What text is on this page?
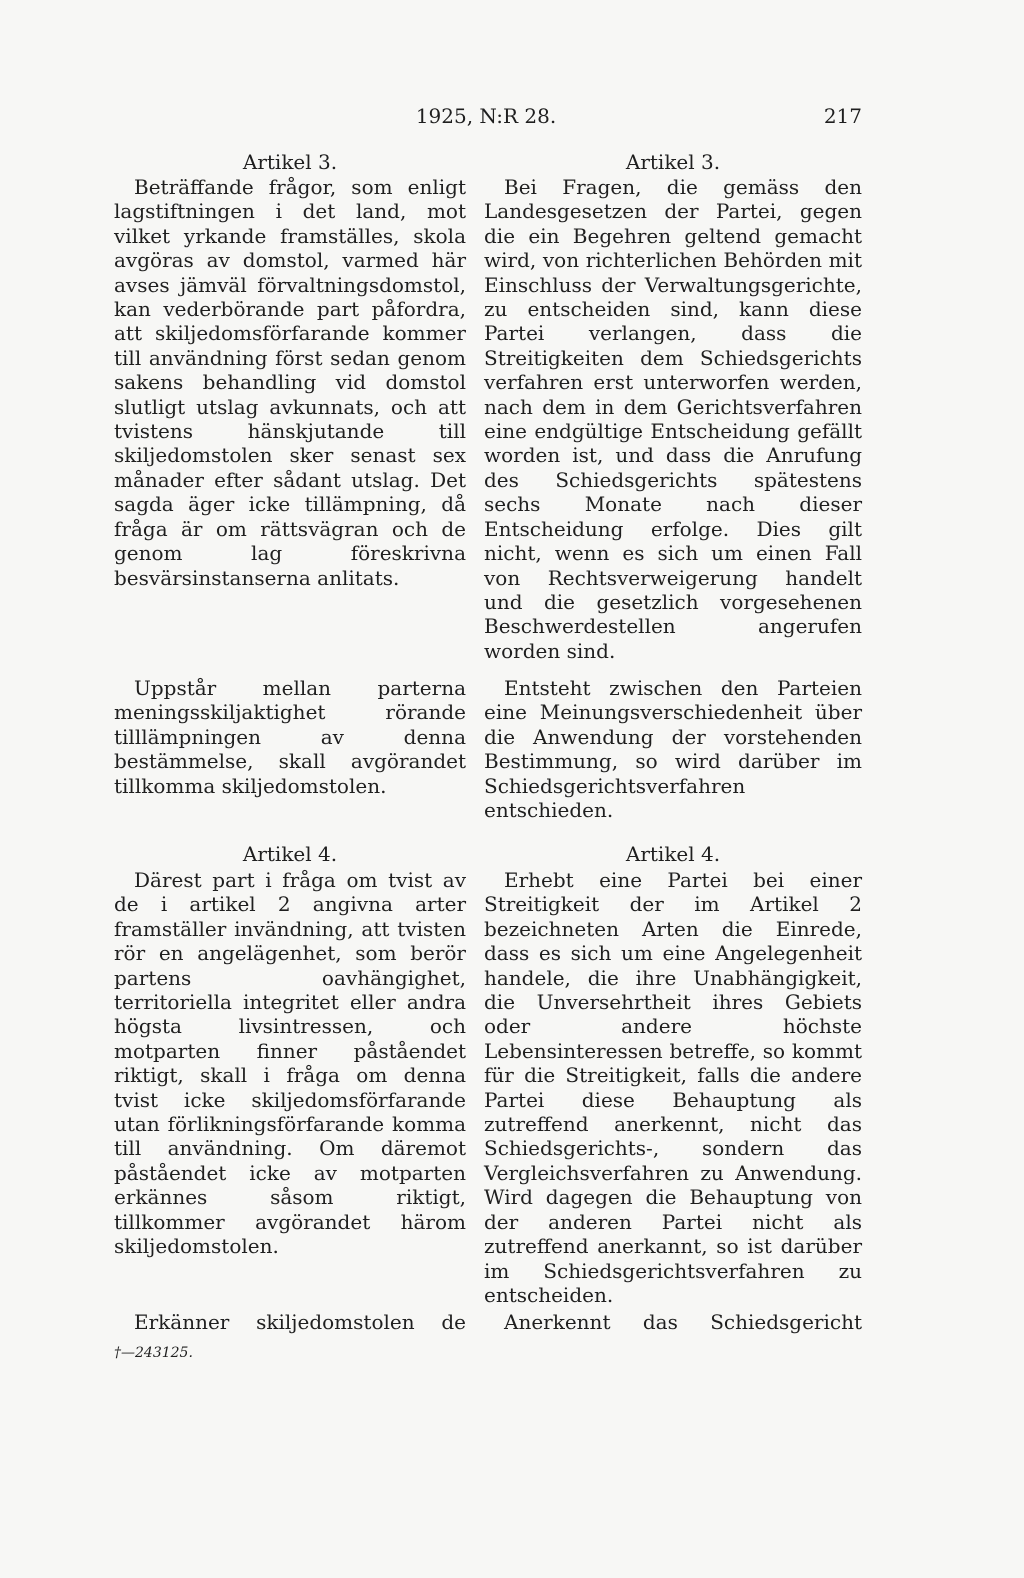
1925, N:R 28.	217
Artikel 3.

Beträffande frågor, som enligt lagstiftningen i det land, mot vilket yrkande framställes, skola avgöras av domstol, varmed här avses jämväl förvaltningsdomstol, kan vederbörande part påfordra, att skiljedomsförfarande kommer till användning först sedan genom sakens behandling vid domstol slutligt utslag avkunnats, och att tvistens hänskjutande till skiljedomstolen sker senast sex månader efter sådant utslag. Det sagda äger icke tillämpning, då fråga är om rättsvägran och de genom lag föreskrivna besvärsinstanserna anlitats.

Uppstår mellan parterna meningsskiljaktighet rörande tilllämpningen av denna bestämmelse, skall avgörandet tillkomma skiljedomstolen.

Artikel 4.

Därest part i fråga om tvist av de i artikel 2 angivna arter framställer invändning, att tvisten rör en angelägenhet, som berör partens oavhängighet, territoriella integritet eller andra högsta livsintressen, och motparten finner påståendet riktigt, skall i fråga om denna tvist icke skiljedomsförfarande utan förlikningsförfarande komma till användning. Om däremot påståendet icke av motparten erkännes såsom riktigt, tillkommer avgörandet härom skiljedomstolen.

Erkänner skiljedomstolen de
†—243125.
Artikel 3.

Bei Fragen, die gemäss den Landesgesetzen der Partei, gegen die ein Begehren geltend gemacht wird, von richterlichen Behörden mit Einschluss der Verwaltungsgerichte, zu entscheiden sind, kann diese Partei verlangen, dass die Streitigkeiten dem Schiedsgerichts verfahren erst unterworfen werden, nach dem in dem Gerichtsverfahren eine endgültige Entscheidung gefällt worden ist, und dass die Anrufung des Schiedsgerichts spätestens sechs Monate nach dieser Entscheidung erfolge. Dies gilt nicht, wenn es sich um einen Fall von Rechtsverweigerung handelt und die gesetzlich vorgesehenen Beschwerdestellen angerufen worden sind.

Entsteht zwischen den Parteien eine Meinungsverschiedenheit über die Anwendung der vorstehenden Bestimmung, so wird darüber im Schiedsgerichtsverfahren entschieden.

Artikel 4.

Erhebt eine Partei bei einer Streitigkeit der im Artikel 2 bezeichneten Arten die Einrede, dass es sich um eine Angelegenheit handele, die ihre Unabhängigkeit, die Unversehrtheit ihres Gebiets oder andere höchste Lebensinteressen betreffe, so kommt für die Streitigkeit, falls die andere Partei diese Behauptung als zutreffend anerkennt, nicht das Schiedsgerichts-, sondern das Vergleichsverfahren zu Anwendung. Wird dagegen die Behauptung von der anderen Partei nicht als zutreffend anerkannt, so ist darüber im Schiedsgerichtsverfahren zu entscheiden.

Anerkennt das Schiedsgericht
